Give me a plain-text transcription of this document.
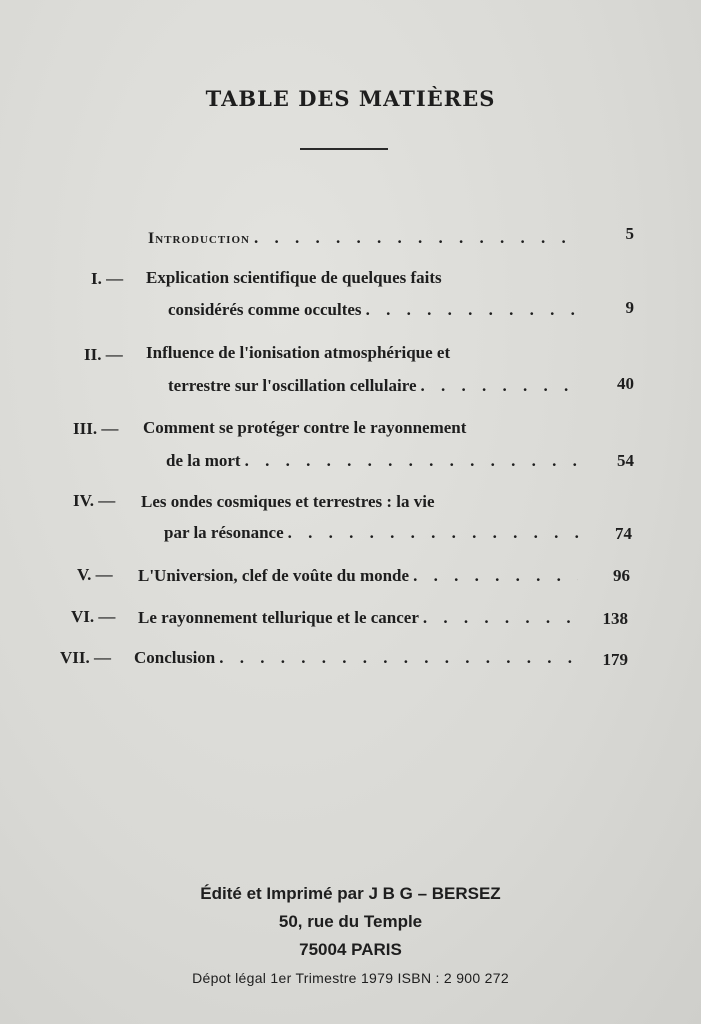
TABLE DES MATIÈRES
Introduction . . .	5
I. — Explication scientifique de quelques faits
considérés comme occultes . . .	9
II. — Influence de l'ionisation atmosphérique et
terrestre sur l'oscillation cellulaire . . .	40
III. — Comment se protéger contre le rayonnement
de la mort . . .	54
IV. — Les ondes cosmiques et terrestres : la vie
par la résonance . . .	74
V. — L'Universion, clef de voûte du monde . . .	96
VI. — Le rayonnement tellurique et le cancer . . .	138
VII. — Conclusion . . .	179
Édité et Imprimé par J B G – BERSEZ
50, rue du Temple
75004 PARIS
Dépot légal 1er Trimestre 1979 ISBN : 2 900 272
